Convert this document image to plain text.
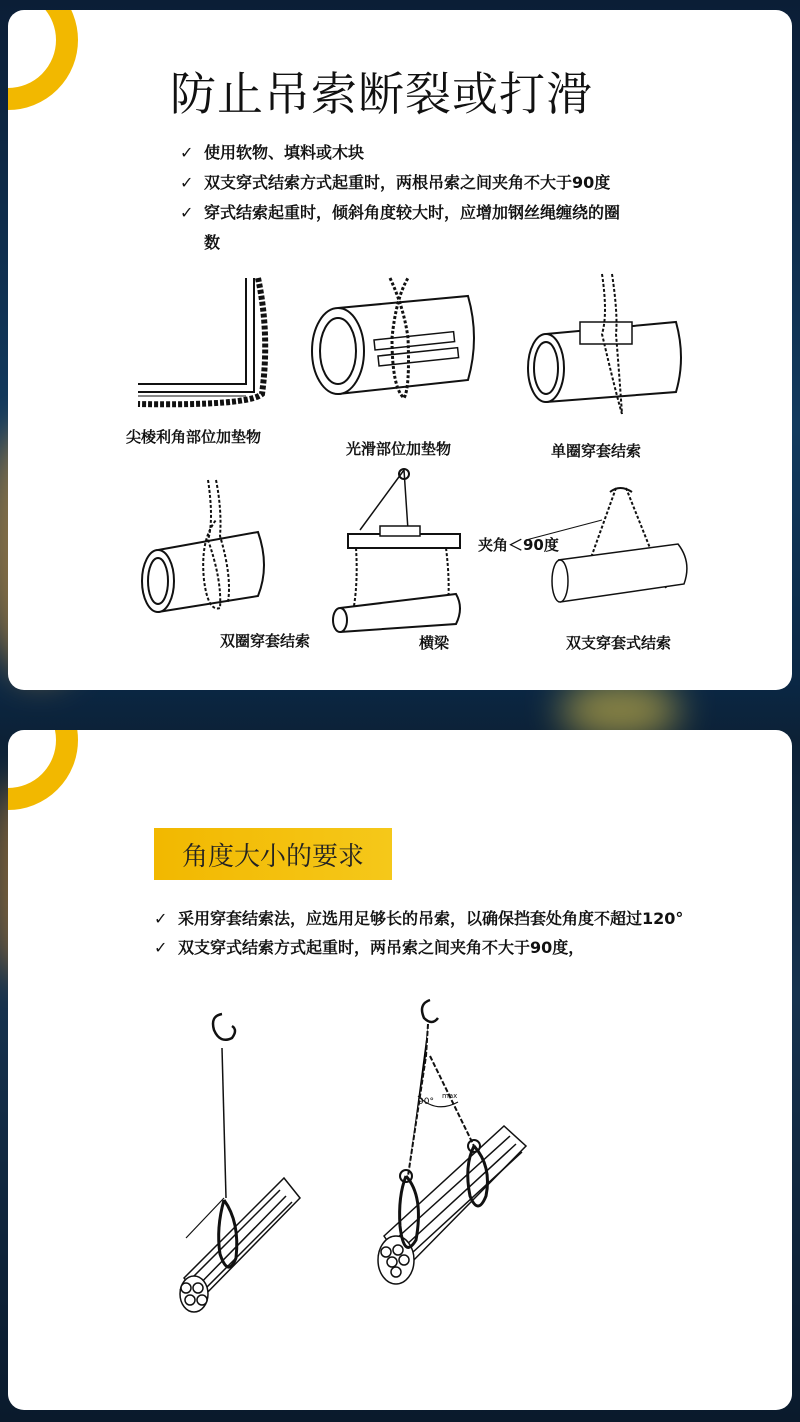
防止吊索断裂或打滑
✓ 使用软物、填料或木块
✓ 双支穿式结索方式起重时，两根吊索之间夹角不大于90度
✓ 穿式结索起重时，倾斜角度较大时，应增加钢丝绳缠绕的圈数
尖棱利角部位加垫物
光滑部位加垫物	单圈穿套结索
双圈穿套结索	横梁
夹角＜90度
双支穿套式结索
角度大小的要求
✓ 采用穿套结索法，应选用足够长的吊索，以确保挡套处角度不超过120°
✓ 双支穿式结索方式起重时，两吊索之间夹角不大于90度，
90°
max
